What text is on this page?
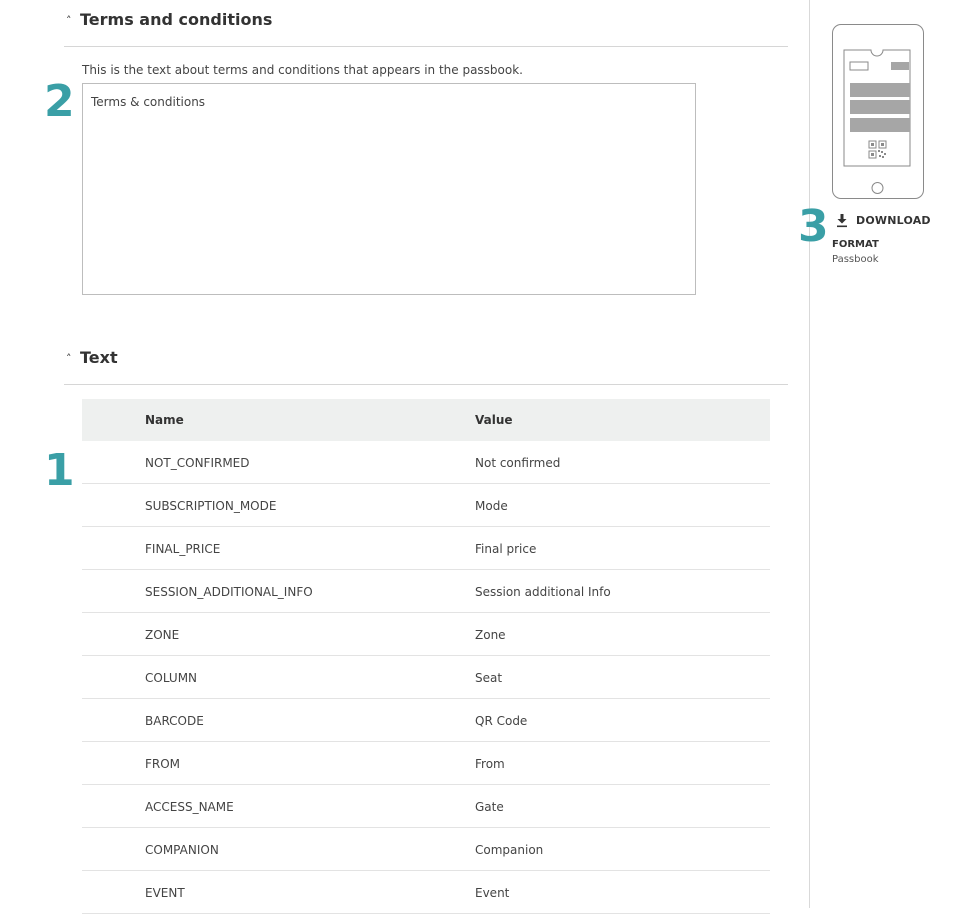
˄ Terms and conditions
This is the text about terms and conditions that appears in the passbook.
Terms & conditions
2
˄ Text
1
Name	Value
NOT_CONFIRMED	Not confirmed
SUBSCRIPTION_MODE	Mode
FINAL_PRICE	Final price
SESSION_ADDITIONAL_INFO	Session additional Info
ZONE	Zone
COLUMN	Seat
BARCODE	QR Code
FROM	From
ACCESS_NAME	Gate
COMPANION	Companion
EVENT	Event
3 DOWNLOAD
FORMAT
Passbook
